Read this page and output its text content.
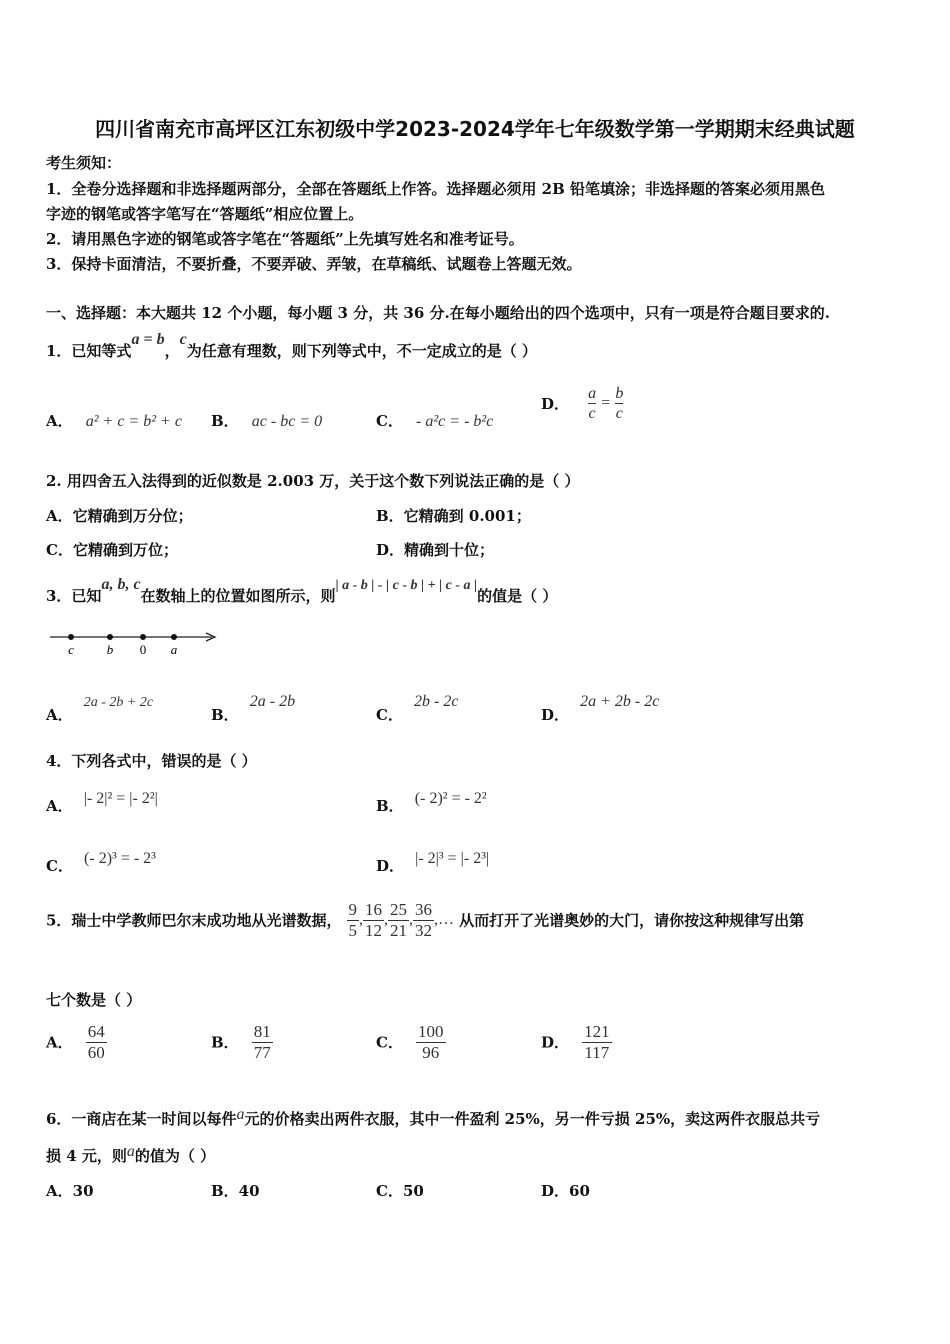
四川省南充市高坪区江东初级中学2023-2024学年七年级数学第一学期期末经典试题
考生须知：
1．全卷分选择题和非选择题两部分，全部在答题纸上作答。选择题必须用 2B 铅笔填涂；非选择题的答案必须用黑色
字迹的钢笔或答字笔写在“答题纸”相应位置上。
2．请用黑色字迹的钢笔或答字笔在“答题纸”上先填写姓名和准考证号。
3．保持卡面清洁，不要折叠，不要弄破、弄皱，在草稿纸、试题卷上答题无效。
一、选择题：本大题共 12 个小题，每小题 3 分，共 36 分.在每小题给出的四个选项中，只有一项是符合题目要求的.
1．已知等式a = b，c为任意有理数，则下列等式中，不一定成立的是（ ）
A． a² + c = b² + c B． ac - bc = 0	C． - a²c = - b²c
D． $\frac{a}{c} = \frac{b}{c}$
2. 用四舍五入法得到的近似数是 2.003 万，关于这个数下列说法正确的是（ ）
A．它精确到万分位；	B．它精确到 0.001；
C．它精确到万位；	D．精确到十位；
3．已知a, b, c在数轴上的位置如图所示，则| a - b | - | c - b | + | c - a |的值是（ ）
c	b 0 a
A． 2a - 2b + 2c
B． 2a - 2b
C． 2b - 2c
D． 2a + 2b - 2c
4．下列各式中，错误的是（ ）
A． |- 2|² = |- 2²|	B． (- 2)² = - 2²
C． (- 2)³ = - 2³	D． |- 2|³ = |- 2³|
5．瑞士中学教师巴尔末成功地从光谱数据， $\frac{9}{5}$ , $\frac{16}{12}$ , $\frac{25}{21}$ , $\frac{36}{32}$ ,… 从而打开了光谱奥妙的大门，请你按这种规律写出第
七个数是（ ）
A． $\frac{64}{60}$	B． $\frac{81}{77}$	C． $\frac{100}{96}$	D． $\frac{121}{117}$
6．一商店在某一时间以每件a元的价格卖出两件衣服，其中一件盈利 25%，另一件亏损 25%，卖这两件衣服总共亏
损 4 元，则a的值为（ ）
A．30	B．40	C．50	D．60
